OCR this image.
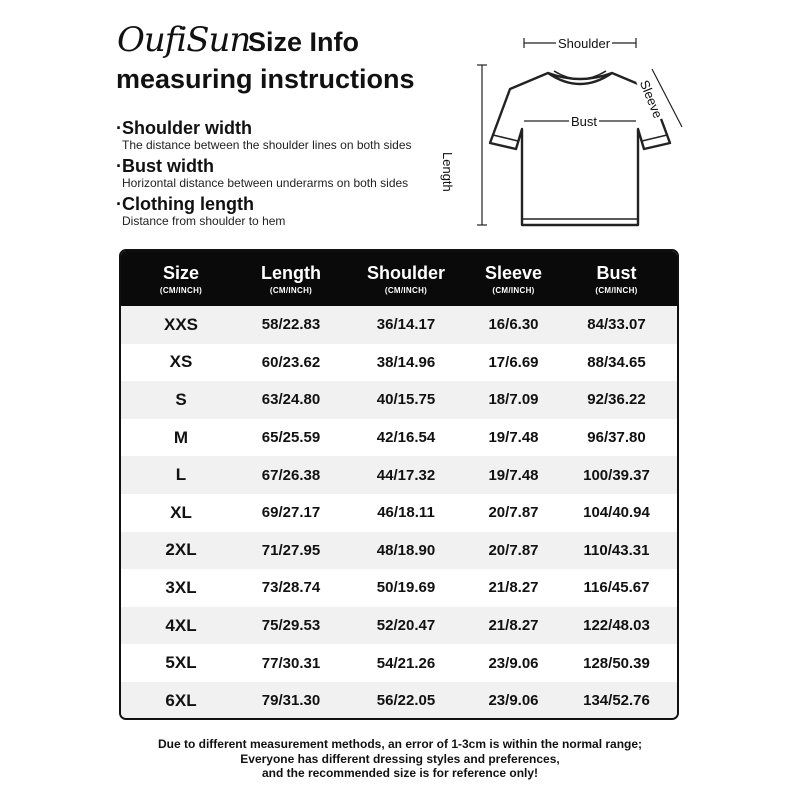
OufiSun
Size Info
measuring instructions
·Shoulder width
The distance between the shoulder lines on both sides
·Bust width
Horizontal distance between underarms on both sides
·Clothing length
Distance from shoulder to hem
Shoulder
Bust
Length
Sleeve
Size
(CM/INCH)
Length
(CM/INCH)
Shoulder
(CM/INCH)
Sleeve
(CM/INCH)
Bust
(CM/INCH)
XXS	58/22.83	36/14.17	16/6.30	84/33.07
XS	60/23.62	38/14.96	17/6.69	88/34.65
S	63/24.80	40/15.75	18/7.09	92/36.22
M	65/25.59	42/16.54	19/7.48	96/37.80
L	67/26.38	44/17.32	19/7.48	100/39.37
XL	69/27.17	46/18.11	20/7.87	104/40.94
2XL	71/27.95	48/18.90	20/7.87	110/43.31
3XL	73/28.74	50/19.69	21/8.27	116/45.67
4XL	75/29.53	52/20.47	21/8.27	122/48.03
5XL	77/30.31	54/21.26	23/9.06	128/50.39
6XL	79/31.30	56/22.05	23/9.06	134/52.76
Due to different measurement methods, an error of 1-3cm is within the normal range;
Everyone has different dressing styles and preferences,
and the recommended size is for reference only!
